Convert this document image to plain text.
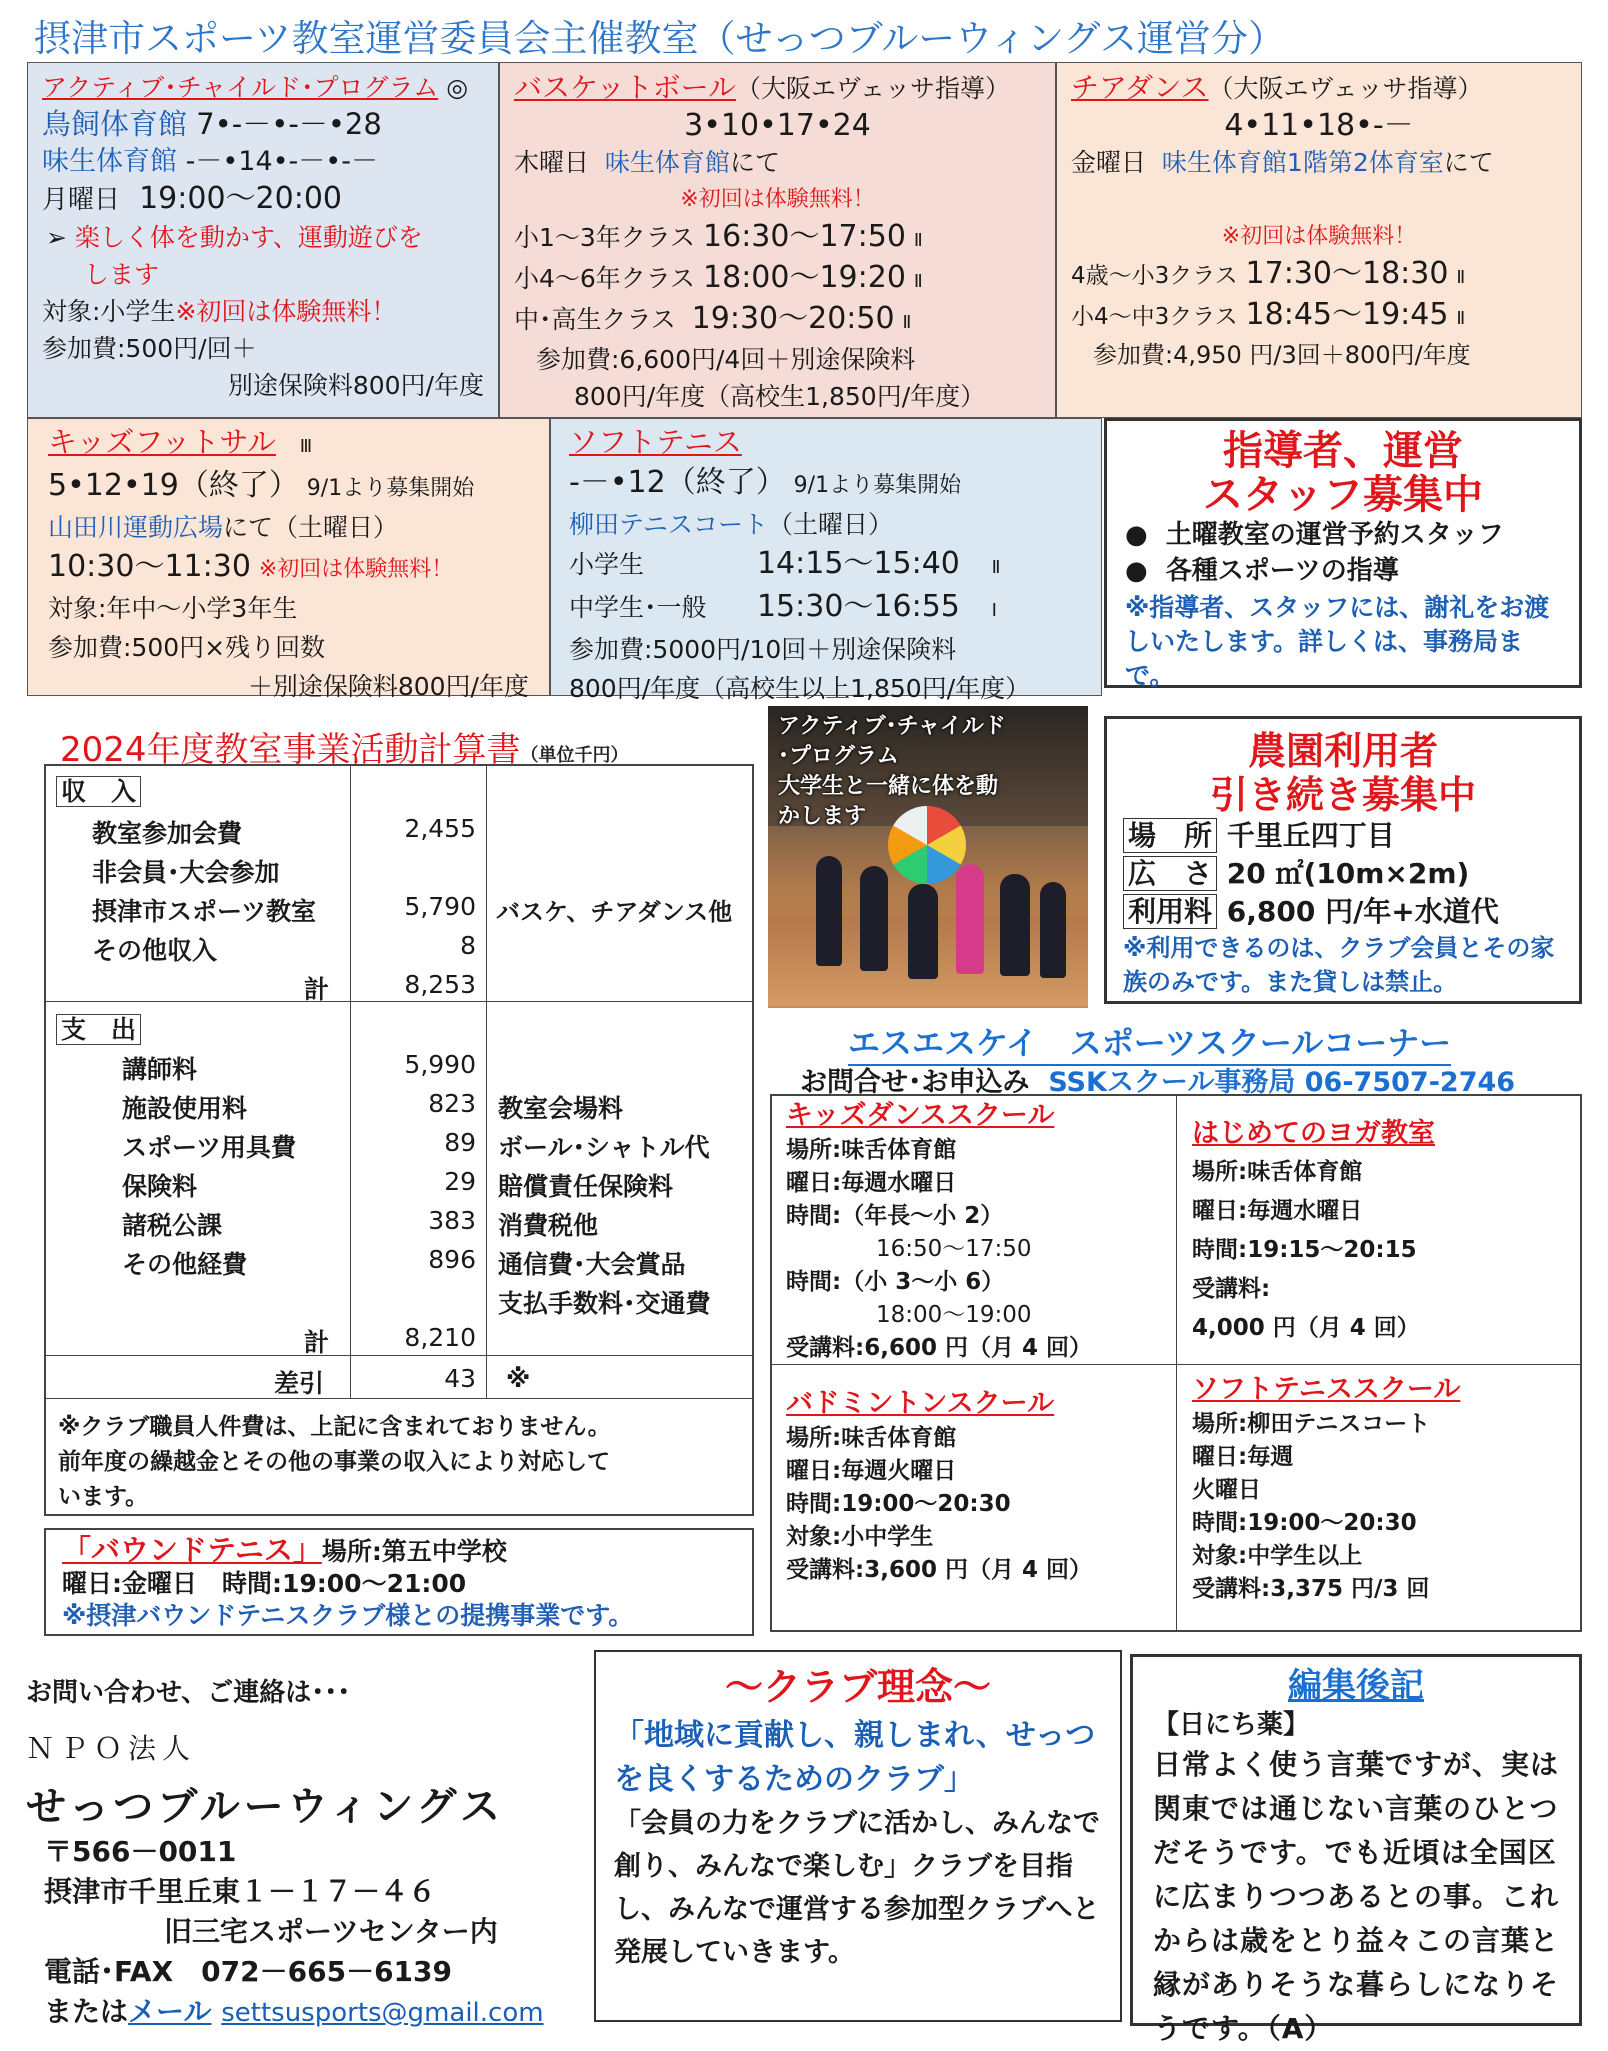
摂津市スポーツ教室運営委員会主催教室（せっつブルーウィングス運営分）
アクティブ･チャイルド･プログラム ◎
鳥飼体育館 7•-－•-－•28
味生体育館 -－•14•-－•-－
月曜日 19:00～20:00
➢ 楽しく体を動かす、運動遊びを
します
対象:小学生※初回は体験無料！
参加費:500円/回＋
別途保険料800円/年度
バスケットボール（大阪エヴェッサ指導）
3•10•17•24
木曜日 味生体育館にて
※初回は体験無料！
小1～3年クラス 16:30～17:50 Ⅱ
小4～6年クラス 18:00～19:20 Ⅱ
中･高生クラス 19:30～20:50 Ⅱ
参加費:6,600円/4回＋別途保険料
800円/年度（高校生1,850円/年度）
チアダンス（大阪エヴェッサ指導）
4•11•18•-－
金曜日 味生体育館1階第2体育室にて

※初回は体験無料！
4歳～小3クラス 17:30～18:30 Ⅱ
小4～中3クラス 18:45～19:45 Ⅱ
参加費:4,950 円/3回＋800円/年度
キッズフットサル Ⅲ
5•12•19（終了） 9/1より募集開始
山田川運動広場にて（土曜日）
10:30～11:30 ※初回は体験無料！
対象:年中～小学3年生
参加費:500円×残り回数
＋別途保険料800円/年度
ソフトテニス
-－•12（終了） 9/1より募集開始
柳田テニスコート（土曜日）
小学生	14:15～15:40 Ⅱ
中学生･一般 15:30～16:55 Ⅰ
参加費:5000円/10回＋別途保険料
800円/年度（高校生以上1,850円/年度）
指導者、運営
スタッフ募集中
● 土曜教室の運営予約スタッフ
● 各種スポーツの指導
※指導者、スタッフには、謝礼をお渡しいたします。詳しくは、事務局まで。
2024年度教室事業活動計算書（単位千円）
収　入
教室参加会費	2,455
非会員･大会参加
摂津市スポーツ教室	5,790 バスケ、チアダンス他
その他収入	8
計	8,253
支　出
講師料	5,990
施設使用料	823 教室会場料
スポーツ用具費	89 ボール･シャトル代
保険料	29 賠償責任保険料
諸税公課	383 消費税他
その他経費	896 通信費･大会賞品
支払手数料･交通費
計	8,210
差引	43 ※
※クラブ職員人件費は、上記に含まれておりません。
前年度の繰越金とその他の事業の収入により対応して
います。
「バウンドテニス」場所:第五中学校
曜日:金曜日　時間:19:00～21:00
※摂津バウンドテニスクラブ様との提携事業です。
アクティブ･チャイルド
･プログラム
大学生と一緒に体を動
かします
農園利用者
引き続き募集中
場　所 千里丘四丁目
広　さ 20 ㎡(10m×2m)
利用料 6,800 円/年+水道代
※利用できるのは、クラブ会員とその家族のみです。また貸しは禁止。
エスエスケイ　スポーツスクールコーナー
お問合せ･お申込み SSKスクール事務局 06-7507-2746
キッズダンススクール
場所:味舌体育館
曜日:毎週水曜日
時間:（年長～小 2）
16:50～17:50
時間:（小 3～小 6）
18:00～19:00
受講料:6,600 円（月 4 回）
はじめてのヨガ教室
場所:味舌体育館
曜日:毎週水曜日
時間:19:15～20:15
受講料:
4,000 円（月 4 回）
バドミントンスクール
場所:味舌体育館
曜日:毎週火曜日
時間:19:00～20:30
対象:小中学生
受講料:3,600 円（月 4 回）
ソフトテニススクール
場所:柳田テニスコート
曜日:毎週
火曜日
時間:19:00～20:30
対象:中学生以上
受講料:3,375 円/3 回
お問い合わせ、ご連絡は･･･
ＮＰＯ法人
せっつブルーウィングス
〒566－0011
摂津市千里丘東１－１７－４６
旧三宅スポーツセンター内
電話･FAX　072－665－6139
またはメール settsusports@gmail.com
～クラブ理念～
「地域に貢献し、親しまれ、せっつを良くするためのクラブ」
「会員の力をクラブに活かし、みんなで創り、みんなで楽しむ」クラブを目指し、みんなで運営する参加型クラブへと発展していきます。
編集後記
【日にち薬】
日常よく使う言葉ですが、実は関東では通じない言葉のひとつだそうです。でも近頃は全国区に広まりつつあるとの事。これからは歳をとり益々この言葉と縁がありそうな暮らしになりそうです。（A）
